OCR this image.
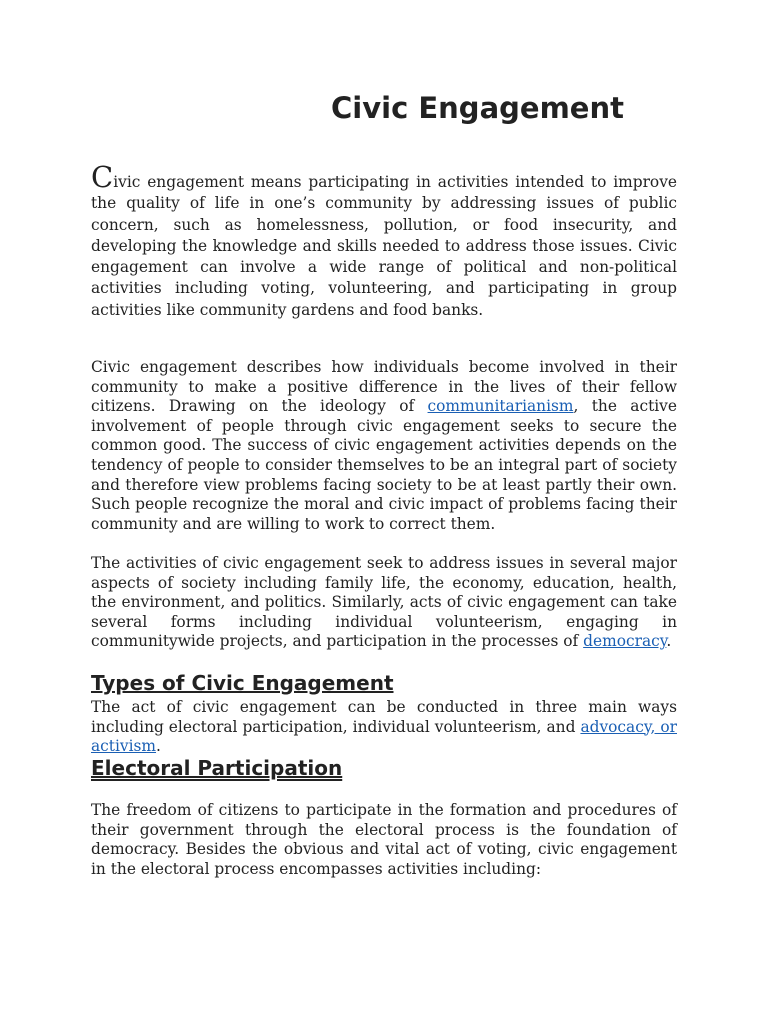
Civic Engagement

Civic engagement means participating in activities intended to improve the quality of life in one’s community by addressing issues of public concern, such as homelessness, pollution, or food insecurity, and developing the knowledge and skills needed to address those issues. Civic engagement can involve a wide range of political and non-political activities including voting, volunteering, and participating in group activities like community gardens and food banks.

Civic engagement describes how individuals become involved in their community to make a positive difference in the lives of their fellow citizens. Drawing on the ideology of communitarianism, the active involvement of people through civic engagement seeks to secure the common good. The success of civic engagement activities depends on the tendency of people to consider themselves to be an integral part of society and therefore view problems facing society to be at least partly their own. Such people recognize the moral and civic impact of problems facing their community and are willing to work to correct them.

The activities of civic engagement seek to address issues in several major aspects of society including family life, the economy, education, health, the environment, and politics. Similarly, acts of civic engagement can take several forms including individual volunteerism, engaging in communitywide projects, and participation in the processes of democracy.

Types of Civic Engagement

The act of civic engagement can be conducted in three main ways including electoral participation, individual volunteerism, and advocacy, or activism.

Electoral Participation

The freedom of citizens to participate in the formation and procedures of their government through the electoral process is the foundation of democracy. Besides the obvious and vital act of voting, civic engagement in the electoral process encompasses activities including:
